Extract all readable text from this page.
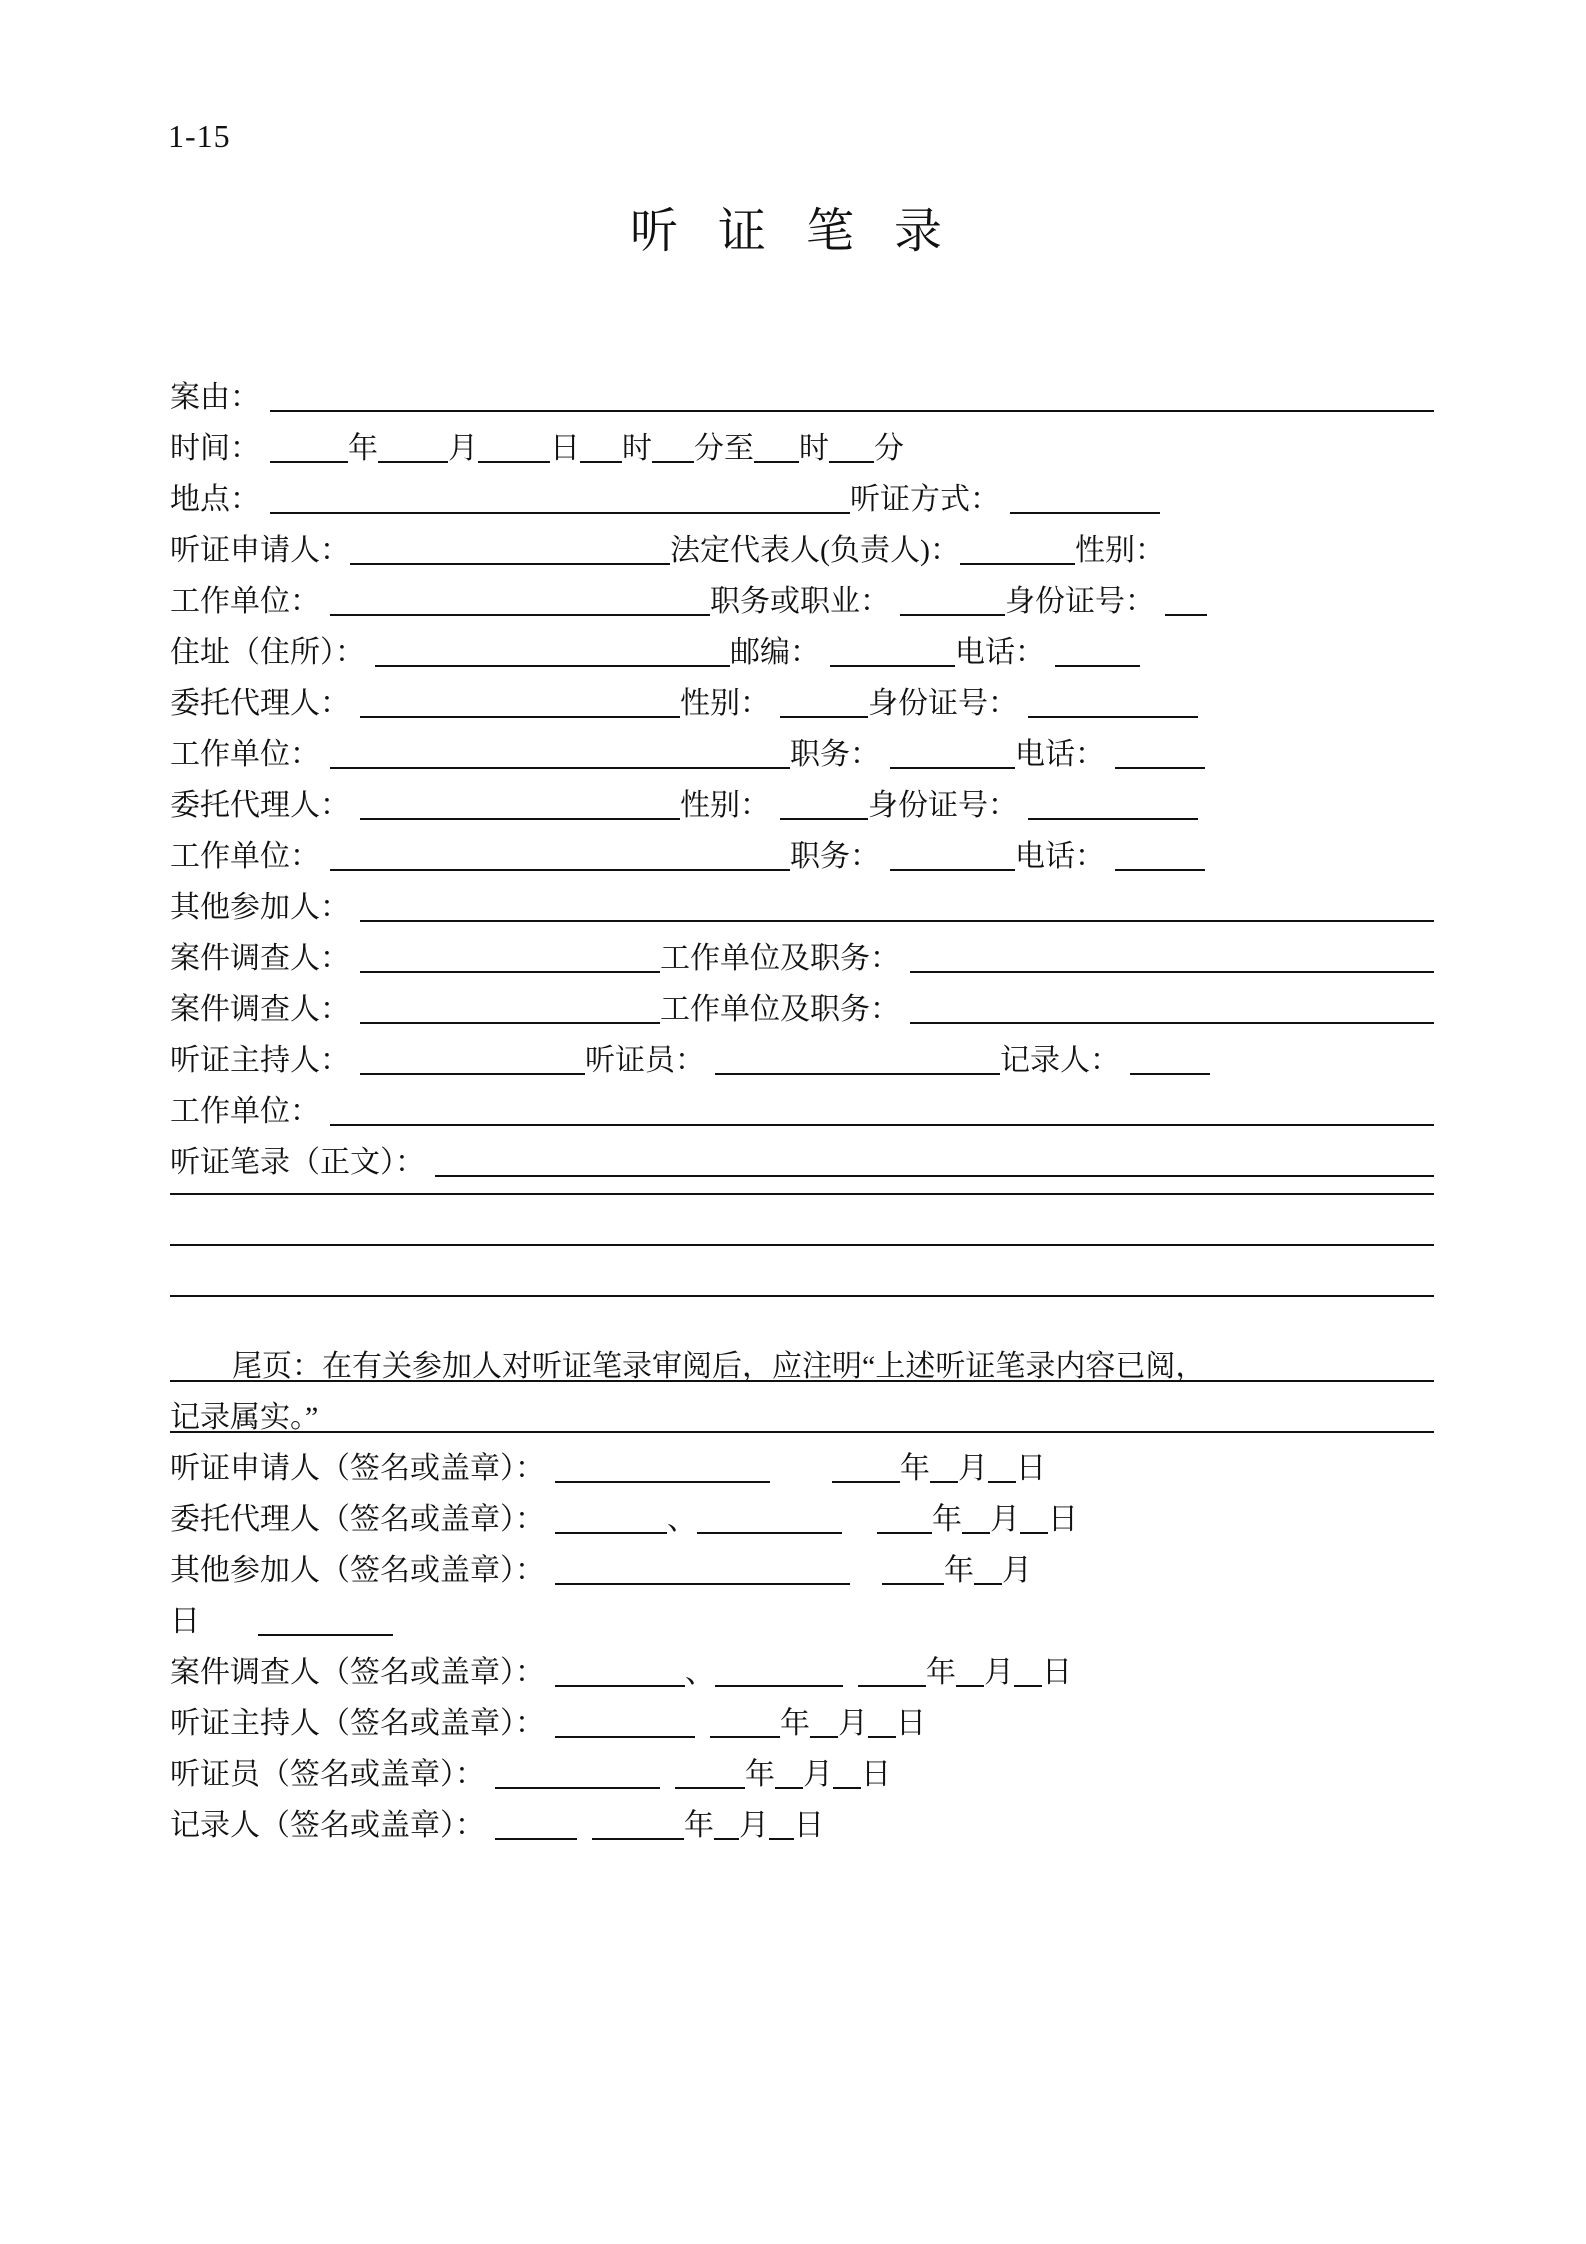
1-15
听 证 笔 录
案由：
时间：	年 月 日 时 分至 时 分
地点：	听证方式：
听证申请人：	法定代表人(负责人)：	性别：
工作单位：	职务或职业：	身份证号：
住址（住所）：	邮编：	电话：
委托代理人：	性别：	身份证号：
工作单位：	职务：	电话：
委托代理人：	性别：	身份证号：
工作单位：	职务：	电话：
其他参加人：
案件调查人：	工作单位及职务：
案件调查人：	工作单位及职务：
听证主持人：	听证员：	记录人：
工作单位：
听证笔录（正文）：
尾页：在有关参加人对听证笔录审阅后，应注明“上述听证笔录内容已阅，
记录属实。”
听证申请人（签名或盖章）：	年 月 日
委托代理人（签名或盖章）：	、	年 月 日
其他参加人（签名或盖章）：	年 月
日
案件调查人（签名或盖章）：	、	年 月 日
听证主持人（签名或盖章）：	年 月 日
听证员（签名或盖章）：	年 月 日
记录人（签名或盖章）：	年 月 日
